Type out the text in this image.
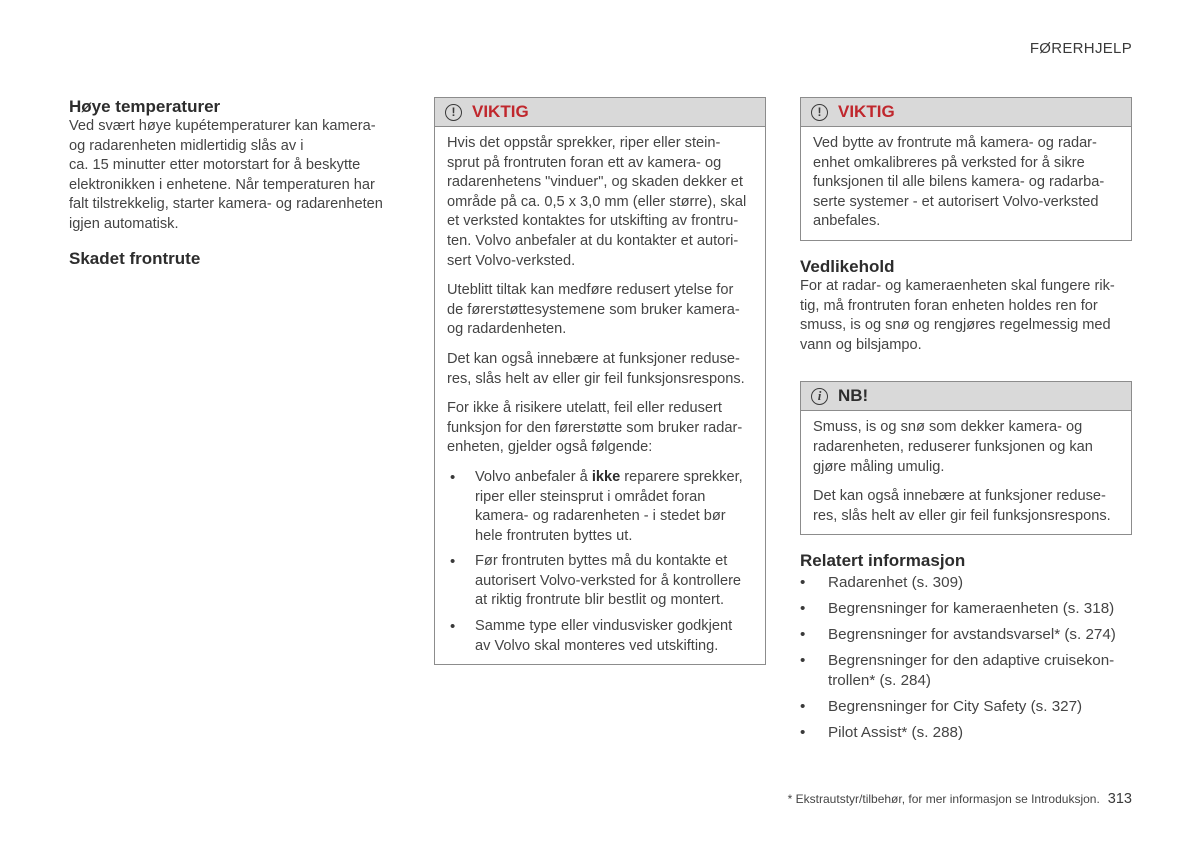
FØRERHJELP
Høye temperaturer

Ved svært høye kupétemperaturer kan kamera-
og radarenheten midlertidig slås av i
ca. 15 minutter etter motorstart for å beskytte
elektronikken i enhetene. Når temperaturen har
falt tilstrekkelig, starter kamera- og radarenheten
igjen automatisk.

Skadet frontrute
! VIKTIG

Hvis det oppstår sprekker, riper eller stein-
sprut på frontruten foran ett av kamera- og
radarenhetens "vinduer", og skaden dekker et
område på ca. 0,5 x 3,0 mm (eller større), skal
et verksted kontaktes for utskifting av frontru-
ten. Volvo anbefaler at du kontakter et autori-
sert Volvo-verksted.

Uteblitt tiltak kan medføre redusert ytelse for
de førerstøttesystemene som bruker kamera-
og radardenheten.

Det kan også innebære at funksjoner reduse-
res, slås helt av eller gir feil funksjonsrespons.

For ikke å risikere utelatt, feil eller redusert
funksjon for den førerstøtte som bruker radar-
enheten, gjelder også følgende:

• Volvo anbefaler å ikke reparere sprekker,
riper eller steinsprut i området foran
kamera- og radarenheten - i stedet bør
hele frontruten byttes ut.
• Før frontruten byttes må du kontakte et
autorisert Volvo-verksted for å kontrollere
at riktig frontrute blir bestlit og montert.
• Samme type eller vindusvisker godkjent
av Volvo skal monteres ved utskifting.
! VIKTIG

Ved bytte av frontrute må kamera- og radar-
enhet omkalibreres på verksted for å sikre
funksjonen til alle bilens kamera- og radarba-
serte systemer - et autorisert Volvo-verksted
anbefales.

Vedlikehold

For at radar- og kameraenheten skal fungere rik-
tig, må frontruten foran enheten holdes ren for
smuss, is og snø og rengjøres regelmessig med
vann og bilsjampo.

i NB!

Smuss, is og snø som dekker kamera- og
radarenheten, reduserer funksjonen og kan
gjøre måling umulig.

Det kan også innebære at funksjoner reduse-
res, slås helt av eller gir feil funksjonsrespons.

Relatert informasjon
• Radarenhet (s. 309)
• Begrensninger for kameraenheten (s. 318)
• Begrensninger for avstandsvarsel* (s. 274)
• Begrensninger for den adaptive cruisekon-
trollen* (s. 284)
• Begrensninger for City Safety (s. 327)
• Pilot Assist* (s. 288)
* Ekstrautstyr/tilbehør, for mer informasjon se Introduksjon. 313
